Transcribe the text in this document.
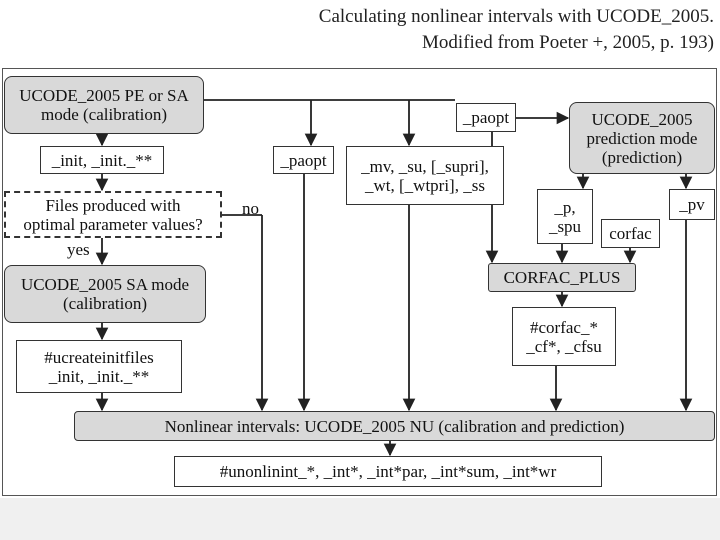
Calculating nonlinear intervals with UCODE_2005.
Modified from Poeter +, 2005, p. 193)
UCODE_2005 PE or SA
mode (calibration)
_init, _init._**
Files produced with
optimal parameter values?
no
yes
UCODE_2005 SA mode
(calibration)
#ucreateinitfiles
_init, _init._**
_paopt _mv, _su, [_supri],
_wt, [_wtpri], _ss
_paopt	UCODE_2005
prediction mode
(prediction)
_p,
_spu corfac
_pv
CORFAC_PLUS
#corfac_*
_cf*, _cfsu
Nonlinear intervals: UCODE_2005 NU (calibration and prediction)
#unonlinint_*, _int*, _int*par, _int*sum, _int*wr
